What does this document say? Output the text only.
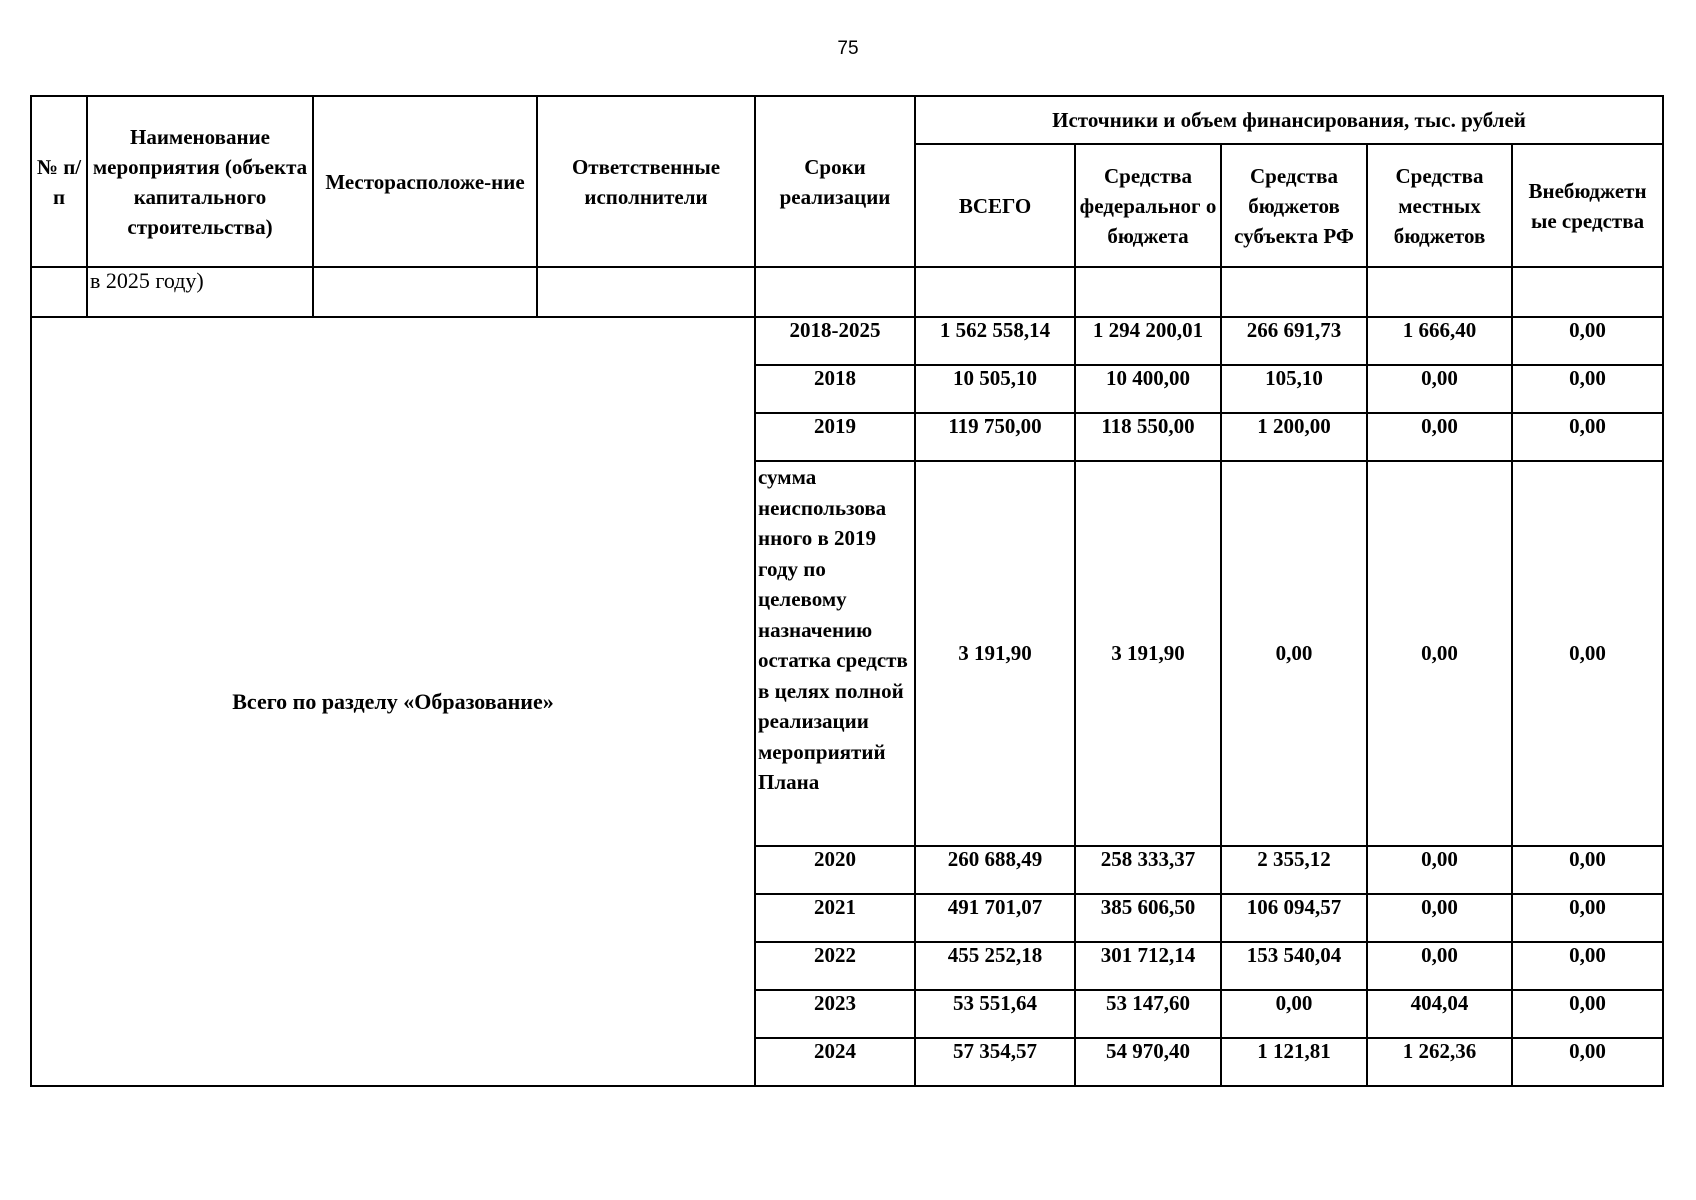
75
№ п/п	Наименование мероприятия (объекта капитального строительства)	Месторасположе-ние	Ответственные исполнители	Сроки реализации	Источники и объем финансирования, тыс. рублей				
					ВСЕГО	Средства федеральног о бюджета	Средства бюджетов субъекта РФ	Средства местных бюджетов	Внебюджетн ые средства
	в 2025 году)								
Всего по разделу «Образование»				2018-2025	1 562 558,14	1 294 200,01	266 691,73	1 666,40	0,00
				2018	10 505,10	10 400,00	105,10	0,00	0,00
				2019	119 750,00	118 550,00	1 200,00	0,00	0,00
				сумма неиспользова нного в 2019 году по целевому назначению остатка средств в целях полной реализации мероприятий Плана	3 191,90	3 191,90	0,00	0,00	0,00
				2020	260 688,49	258 333,37	2 355,12	0,00	0,00
				2021	491 701,07	385 606,50	106 094,57	0,00	0,00
				2022	455 252,18	301 712,14	153 540,04	0,00	0,00
				2023	53 551,64	53 147,60	0,00	404,04	0,00
				2024	57 354,57	54 970,40	1 121,81	1 262,36	0,00
